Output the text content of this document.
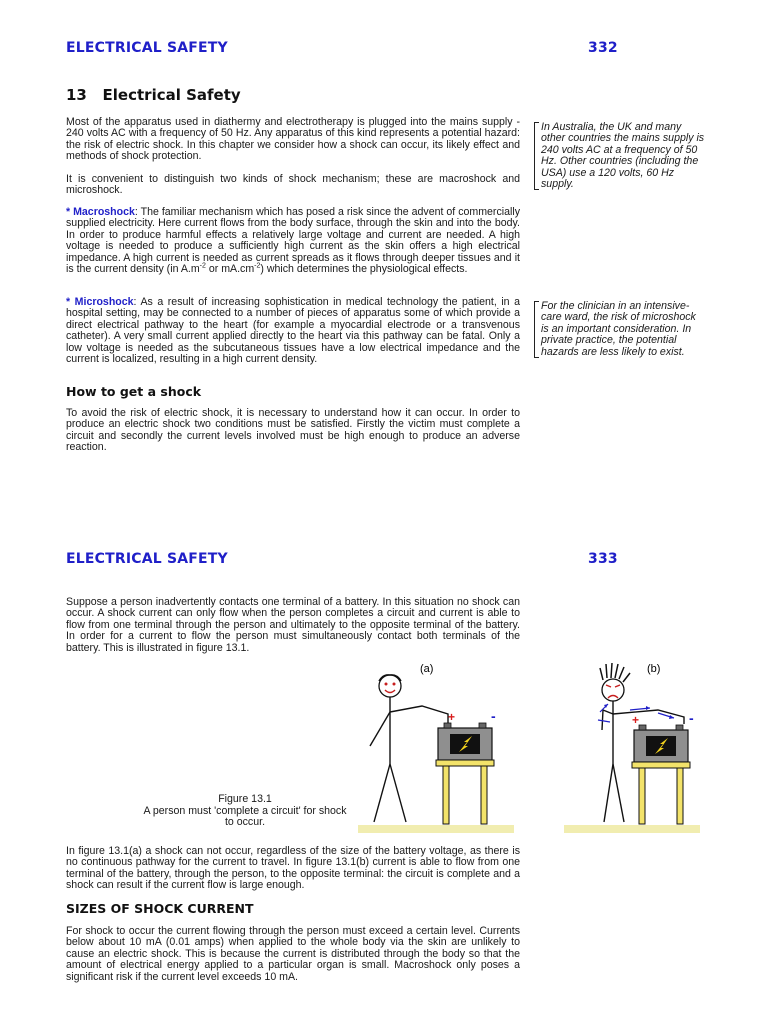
ELECTRICAL SAFETY	332
13 Electrical Safety

Most of the apparatus used in diathermy and electrotherapy is plugged into the mains supply - 240 volts AC with a frequency of 50 Hz. Any apparatus of this kind represents a potential hazard: the risk of electric shock. In this chapter we consider how a shock can occur, its likely effect and methods of shock protection.

It is convenient to distinguish two kinds of shock mechanism; these are macroshock and microshock.

* Macroshock: The familiar mechanism which has posed a risk since the advent of commercially supplied electricity. Here current flows from the body surface, through the skin and into the body. In order to produce harmful effects a relatively large voltage and current are needed. A high voltage is needed to produce a sufficiently high current as the skin offers a high electrical impedance. A high current is needed as current spreads as it flows through deeper tissues and it is the current density (in $A.m^{-2}$ or $mA.cm^{-2}$) which determines the physiological effects.

* Microshock: As a result of increasing sophistication in medical technology the patient, in a hospital setting, may be connected to a number of pieces of apparatus some of which provide a direct electrical pathway to the heart (for example a myocardial electrode or a transvenous catheter). A very small current applied directly to the heart via this pathway can be fatal. Only a low voltage is needed as the subcutaneous tissues have a low electrical impedance and the current is localized, resulting in a high current density.

How to get a shock

To avoid the risk of electric shock, it is necessary to understand how it can occur. In order to produce an electric shock two conditions must be satisfied. Firstly the victim must complete a circuit and secondly the current levels involved must be high enough to produce an adverse reaction.

In Australia, the UK and many other countries the mains supply is 240 volts AC at a frequency of 50 Hz. Other countries (including the USA) use a 120 volts, 60 Hz supply.
For the clinician in an intensive-care ward, the risk of microshock is an important consideration. In private practice, the potential hazards are less likely to exist.
ELECTRICAL SAFETY	333

Suppose a person inadvertently contacts one terminal of a battery. In this situation no shock can occur. A shock current can only flow when the person completes a circuit and current is able to flow from one terminal through the person and ultimately to the opposite terminal of the battery. In order for a current to flow the person must simultaneously contact both terminals of the battery. This is illustrated in figure 13.1.

(a)	(b)
+	-	+	-
Figure 13.1
A person must 'complete a circuit' for shock to occur.

In figure 13.1(a) a shock can not occur, regardless of the size of the battery voltage, as there is no continuous pathway for the current to travel. In figure 13.1(b) current is able to flow from one terminal of the battery, through the person, to the opposite terminal: the circuit is complete and a shock can result if the current flow is large enough.

SIZES OF SHOCK CURRENT

For shock to occur the current flowing through the person must exceed a certain level. Currents below about 10 mA (0.01 amps) when applied to the whole body via the skin are unlikely to cause an electric shock. This is because the current is distributed through the body so that the amount of electrical energy applied to a particular organ is small. Macroshock only poses a significant risk if the current level exceeds 10 mA.
